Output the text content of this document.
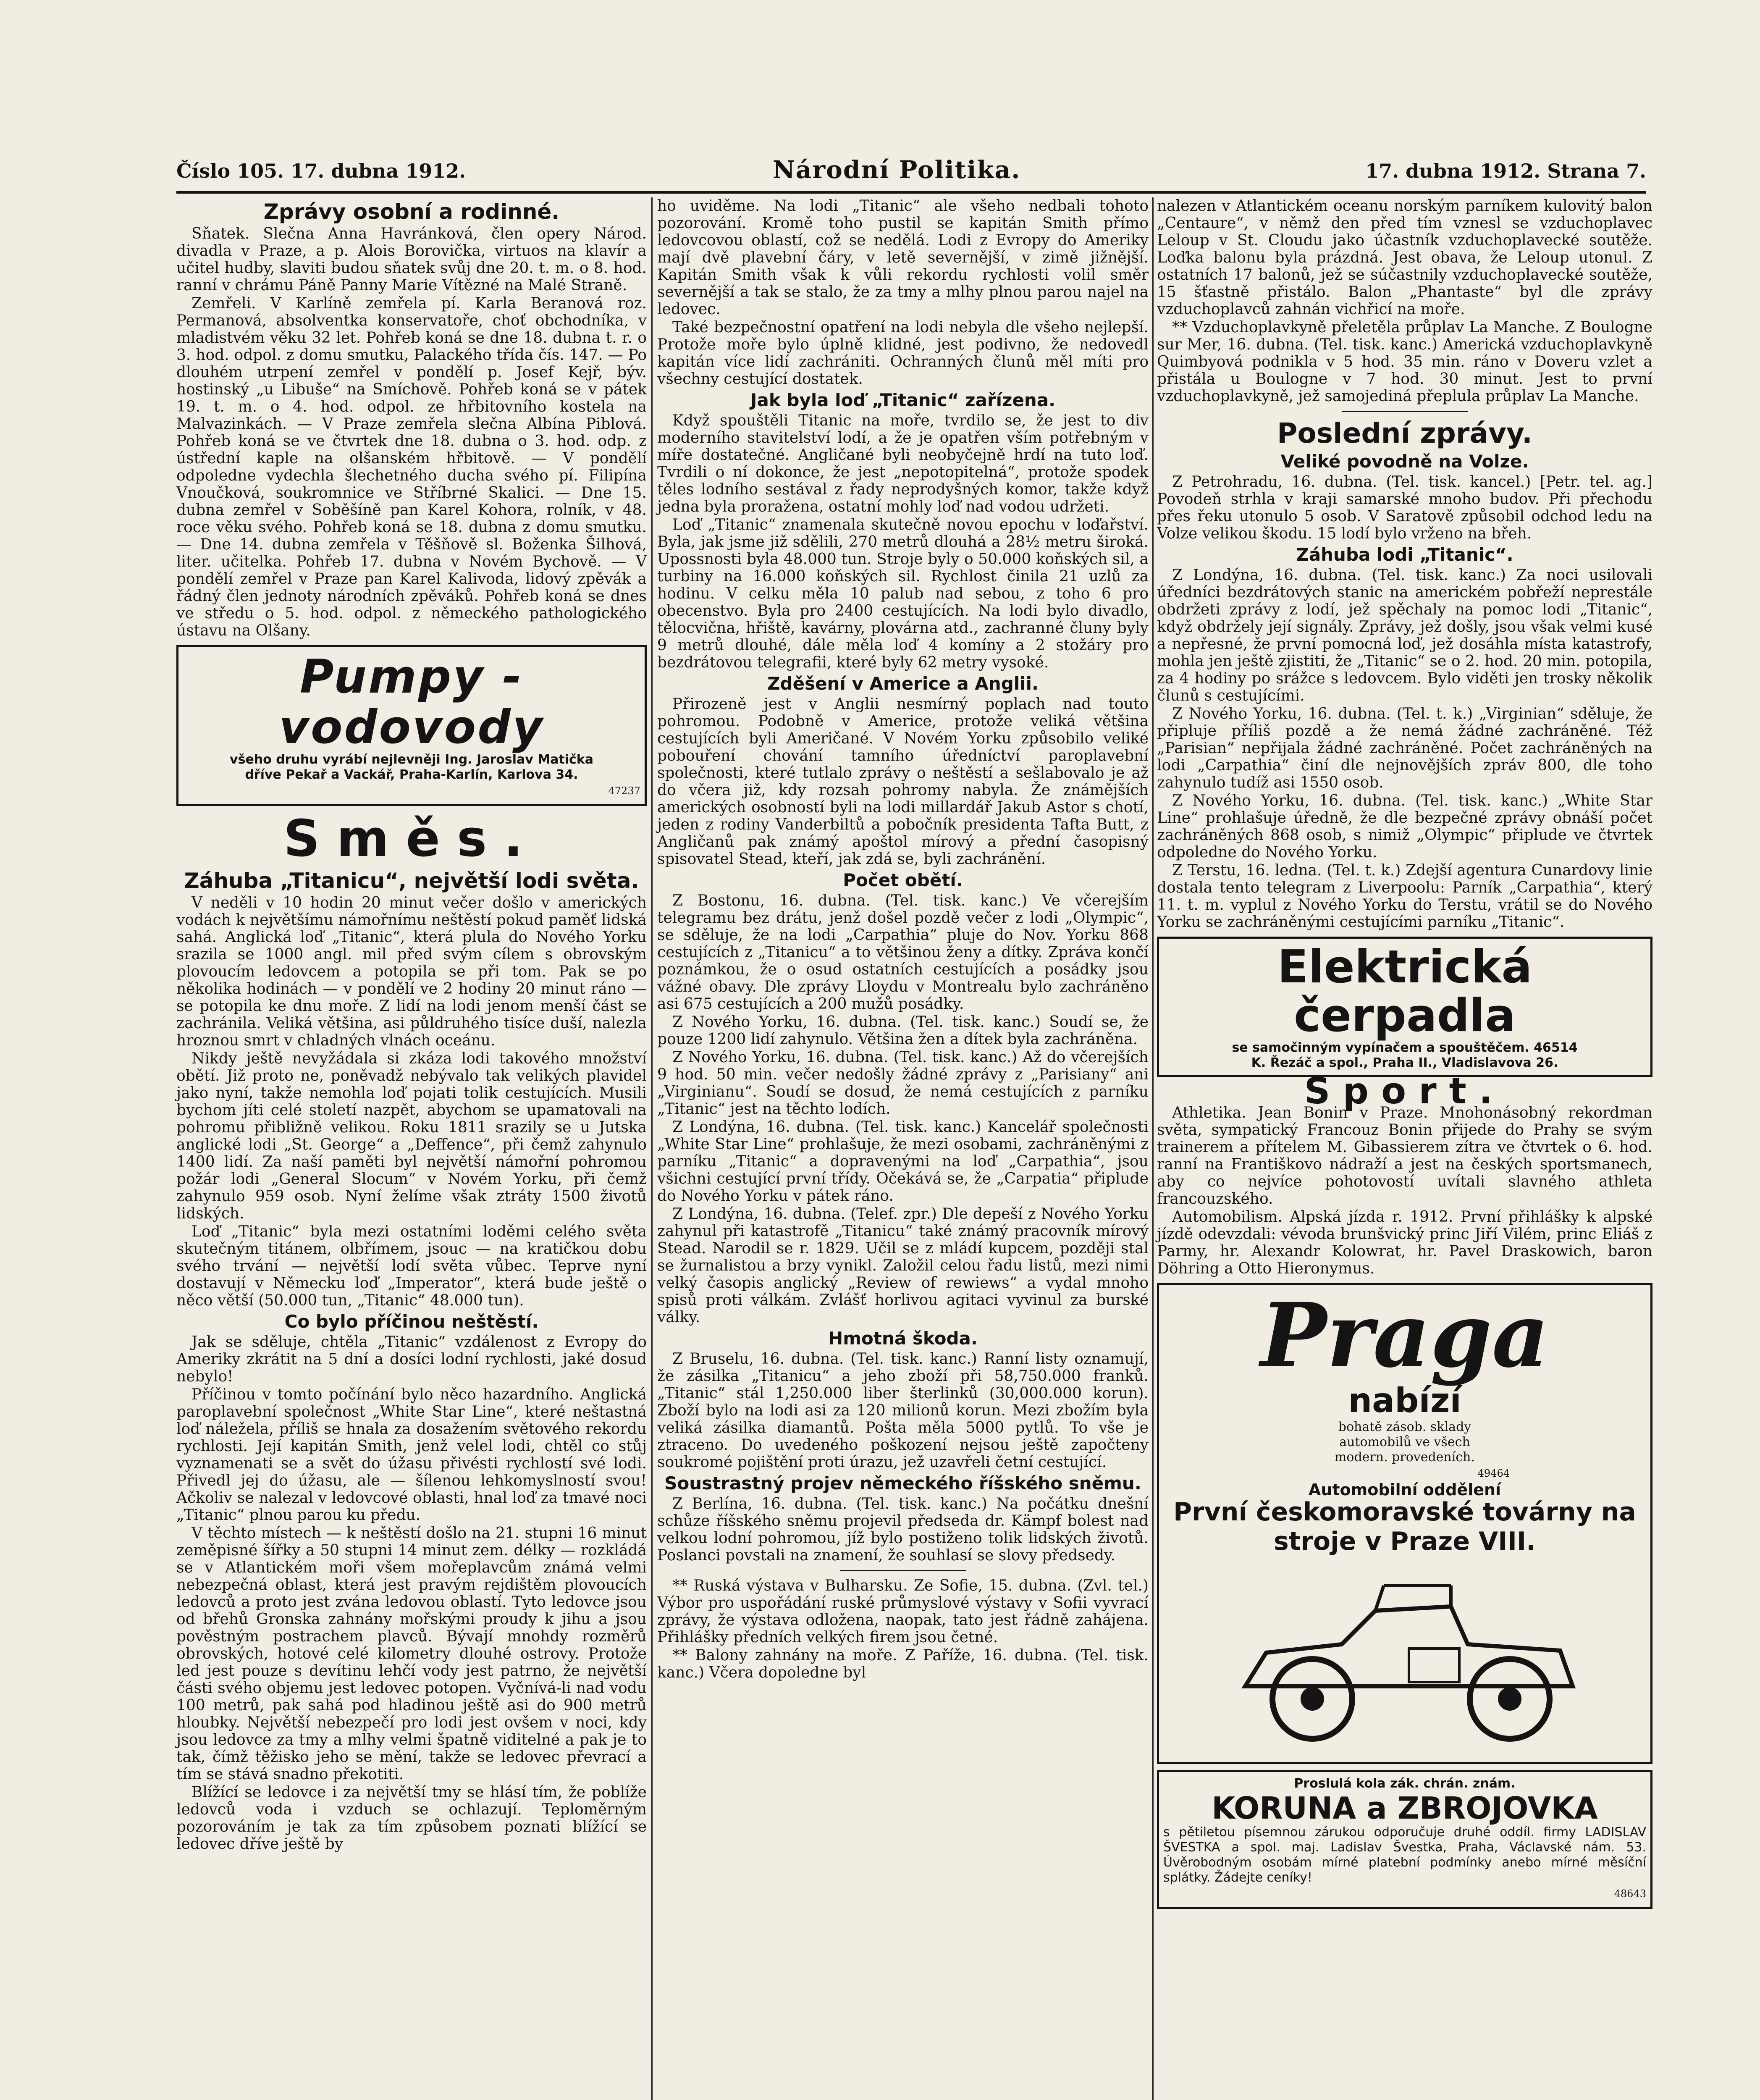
Číslo 105. 17. dubna 1912.	Národní Politika.	17. dubna 1912. Strana 7.
Zprávy osobní a rodinné.

Sňatek. Slečna Anna Havránková, člen opery Národ. divadla v Praze, a p. Alois Borovička, virtuos na klavír a učitel hudby, slaviti budou sňatek svůj dne 20. t. m. o 8. hod. ranní v chrámu Páně Panny Marie Vítězné na Malé Straně.

Zemřeli. V Karlíně zemřela pí. Karla Beranová roz. Permanová, absolventka konservatoře, choť obchodníka, v mladistvém věku 32 let. Pohřeb koná se dne 18. dubna t. r. o 3. hod. odpol. z domu smutku, Palackého třída čís. 147. — Po dlouhém utrpení zemřel v pondělí p. Josef Kejř, býv. hostinský „u Libuše“ na Smíchově. Pohřeb koná se v pátek 19. t. m. o 4. hod. odpol. ze hřbitovního kostela na Malvazinkách. — V Praze zemřela slečna Albína Piblová. Pohřeb koná se ve čtvrtek dne 18. dubna o 3. hod. odp. z ústřední kaple na olšanském hřbitově. — V pondělí odpoledne vydechla šlechetného ducha svého pí. Filipína Vnoučková, soukromnice ve Stříbrné Skalici. — Dne 15. dubna zemřel v Soběšíně pan Karel Kohora, rolník, v 48. roce věku svého. Pohřeb koná se 18. dubna z domu smutku. — Dne 14. dubna zemřela v Těšňově sl. Boženka Šilhová, liter. učitelka. Pohřeb 17. dubna v Novém Bychově. — V pondělí zemřel v Praze pan Karel Kalivoda, lidový zpěvák a řádný člen jednoty národních zpěváků. Pohřeb koná se dnes ve středu o 5. hod. odpol. z německého pathologického ústavu na Olšany.

Pumpy - vodovody
všeho druhu vyrábí nejlevněji Ing. Jaroslav Matička
dříve Pekař a Vackář, Praha-Karlín, Karlova 34.
47237
Směs.
Záhuba „Titanicu“, největší lodi světa.

V neděli v 10 hodin 20 minut večer došlo v amerických vodách k největšímu námořnímu neštěstí pokud paměť lidská sahá. Anglická loď „Titanic“, která plula do Nového Yorku srazila se 1000 angl. mil před svým cílem s obrovským plovoucím ledovcem a potopila se při tom. Pak se po několika hodinách — v pondělí ve 2 hodiny 20 minut ráno — se potopila ke dnu moře. Z lidí na lodi jenom menší část se zachránila. Veliká většina, asi půldruhého tisíce duší, nalezla hroznou smrt v chladných vlnách oceánu.

Nikdy ještě nevyžádala si zkáza lodi takového množství obětí. Již proto ne, poněvadž nebývalo tak velikých plavidel jako nyní, takže nemohla loď pojati tolik cestujících. Musili bychom jíti celé století nazpět, abychom se upamatovali na pohromu přibližně velikou. Roku 1811 srazily se u Jutska anglické lodi „St. George“ a „Deffence“, při čemž zahynulo 1400 lidí. Za naší paměti byl největší námořní pohromou požár lodi „General Slocum“ v Novém Yorku, při čemž zahynulo 959 osob. Nyní želíme však ztráty 1500 životů lidských.

Loď „Titanic“ byla mezi ostatními loděmi celého světa skutečným titánem, olbřímem, jsouc — na kratičkou dobu svého trvání — největší lodí světa vůbec. Teprve nyní dostavují v Německu loď „Imperator“, která bude ještě o něco větší (50.000 tun, „Titanic“ 48.000 tun).

Co bylo příčinou neštěstí.

Jak se sděluje, chtěla „Titanic“ vzdálenost z Evropy do Ameriky zkrátit na 5 dní a dosíci lodní rychlosti, jaké dosud nebylo!

Příčinou v tomto počínání bylo něco hazardního. Anglická paroplavební společnost „White Star Line“, které neštastná loď náležela, příliš se hnala za dosažením světového rekordu rychlosti. Její kapitán Smith, jenž velel lodi, chtěl co stůj vyznamenati se a svět do úžasu přivésti rychlostí své lodi. Přivedl jej do úžasu, ale — šílenou lehkomyslností svou! Ačkoliv se nalezal v ledovcové oblasti, hnal loď za tmavé noci „Titanic“ plnou parou ku předu.

V těchto místech — k neštěstí došlo na 21. stupni 16 minut zeměpisné šířky a 50 stupni 14 minut zem. délky — rozkládá se v Atlantickém moři všem mořeplavcům známá velmi nebezpečná oblast, která jest pravým rejdištěm plovoucích ledovců a proto jest zvána ledovou oblastí. Tyto ledovce jsou od břehů Gronska zahnány mořskými proudy k jihu a jsou pověstným postrachem plavců. Bývají mnohdy rozměrů obrovských, hotové celé kilometry dlouhé ostrovy. Protože led jest pouze s devítinu lehčí vody jest patrno, že největší části svého objemu jest ledovec potopen. Vyčnívá-li nad vodu 100 metrů, pak sahá pod hladinou ještě asi do 900 metrů hloubky. Největší nebezpečí pro lodi jest ovšem v noci, kdy jsou ledovce za tmy a mlhy velmi špatně viditelné a pak je to tak, čímž těžisko jeho se mění, takže se ledovec převrací a tím se stává snadno překotiti.

Blížící se ledovce i za největší tmy se hlásí tím, že poblíže ledovců voda i vzduch se ochlazují. Teploměrným pozorováním je tak za tím způsobem poznati blížící se ledovec dříve ještě by

ho uviděme. Na lodi „Titanic“ ale všeho nedbali tohoto pozorování. Kromě toho pustil se kapitán Smith přímo ledovcovou oblastí, což se nedělá. Lodi z Evropy do Ameriky mají dvě plavební čáry, v letě severnější, v zimě jižnější. Kapitán Smith však k vůli rekordu rychlosti volil směr severnější a tak se stalo, že za tmy a mlhy plnou parou najel na ledovec.

Také bezpečnostní opatření na lodi nebyla dle všeho nejlepší. Protože moře bylo úplně klidné, jest podivno, že nedovedl kapitán více lidí zachrániti. Ochranných člunů měl míti pro všechny cestující dostatek.

Jak byla loď „Titanic“ zařízena.

Když spouštěli Titanic na moře, tvrdilo se, že jest to div moderního stavitelství lodí, a že je opatřen vším potřebným v míře dostatečné. Angličané byli neobyčejně hrdí na tuto loď. Tvrdili o ní dokonce, že jest „nepotopitelná“, protože spodek těles lodního sestával z řady neprodyšných komor, takže když jedna byla proražena, ostatní mohly loď nad vodou udržeti.

Loď „Titanic“ znamenala skutečně novou epochu v loďařství. Byla, jak jsme již sdělili, 270 metrů dlouhá a 28½ metru široká. Upossnosti byla 48.000 tun. Stroje byly o 50.000 koňských sil, a turbiny na 16.000 koňských sil. Rychlost činila 21 uzlů za hodinu. V celku měla 10 palub nad sebou, z toho 6 pro obecenstvo. Byla pro 2400 cestujících. Na lodi bylo divadlo, tělocvična, hřiště, kavárny, plovárna atd., zachranné čluny byly 9 metrů dlouhé, dále měla loď 4 komíny a 2 stožáry pro bezdrátovou telegrafii, které byly 62 metry vysoké.

Zděšení v Americe a Anglii.

Přirozeně jest v Anglii nesmírný poplach nad touto pohromou. Podobně v Americe, protože veliká většina cestujících byli Američané. V Novém Yorku způsobilo veliké pobouření chování tamního úředníctví paroplavební společnosti, které tutlalo zprávy o neštěstí a sešlabovalo je až do včera již, kdy rozsah pohromy nabyla. Že známějších amerických osobností byli na lodi millardář Jakub Astor s chotí, jeden z rodiny Vanderbiltů a pobočník presidenta Tafta Butt, z Angličanů pak známý apoštol mírový a přední časopisný spisovatel Stead, kteří, jak zdá se, byli zachránění.

Počet obětí.

Z Bostonu, 16. dubna. (Tel. tisk. kanc.) Ve včerejším telegramu bez drátu, jenž došel pozdě večer z lodi „Olympic“, se sděluje, že na lodi „Carpathia“ pluje do Nov. Yorku 868 cestujících z „Titanicu“ a to většinou ženy a dítky. Zpráva končí poznámkou, že o osud ostatních cestujících a posádky jsou vážné obavy. Dle zprávy Lloydu v Montrealu bylo zachráněno asi 675 cestujících a 200 mužů posádky.

Z Nového Yorku, 16. dubna. (Tel. tisk. kanc.) Soudí se, že pouze 1200 lidí zahynulo. Většina žen a dítek byla zachráněna.

Z Nového Yorku, 16. dubna. (Tel. tisk. kanc.) Až do včerejších 9 hod. 50 min. večer nedošly žádné zprávy z „Parisiany“ ani „Virginianu“. Soudí se dosud, že nemá cestujících z parníku „Titanic“ jest na těchto lodích.

Z Londýna, 16. dubna. (Tel. tisk. kanc.) Kancelář společnosti „White Star Line“ prohlašuje, že mezi osobami, zachráněnými z parníku „Titanic“ a dopravenými na loď „Carpathia“, jsou všichni cestující první třídy. Očekává se, že „Carpatia“ připlude do Nového Yorku v pátek ráno.

Z Londýna, 16. dubna. (Telef. zpr.) Dle depeší z Nového Yorku zahynul při katastrofě „Titanicu“ také známý pracovník mírový Stead. Narodil se r. 1829. Učil se z mládí kupcem, později stal se žurnalistou a brzy vynikl. Založil celou řadu listů, mezi nimi velký časopis anglický „Review of rewiews“ a vydal mnoho spisů proti válkám. Zvlášť horlivou agitaci vyvinul za burské války.

Hmotná škoda.

Z Bruselu, 16. dubna. (Tel. tisk. kanc.) Ranní listy oznamují, že zásilka „Titanicu“ a jeho zboží při 58,750.000 franků. „Titanic“ stál 1,250.000 liber šterlinků (30,000.000 korun). Zboží bylo na lodi asi za 120 milionů korun. Mezi zbožím byla veliká zásilka diamantů. Pošta měla 5000 pytlů. To vše je ztraceno. Do uvedeného poškození nejsou ještě započteny soukromé pojištění proti úrazu, jež uzavřeli četní cestující.

Soustrastný projev německého říšského sněmu.

Z Berlína, 16. dubna. (Tel. tisk. kanc.) Na počátku dnešní schůze říšského sněmu projevil předseda dr. Kämpf bolest nad velkou lodní pohromou, jíž bylo postiženo tolik lidských životů. Poslanci povstali na znamení, že souhlasí se slovy předsedy.

** Ruská výstava v Bulharsku. Ze Sofie, 15. dubna. (Zvl. tel.) Výbor pro uspořádání ruské průmyslové výstavy v Sofii vyvrací zprávy, že výstava odložena, naopak, tato jest řádně zahájena. Přihlášky předních velkých firem jsou četné.

** Balony zahnány na moře. Z Paříže, 16. dubna. (Tel. tisk. kanc.) Včera dopoledne byl

nalezen v Atlantickém oceanu norským parníkem kulovitý balon „Centaure“, v němž den před tím vznesl se vzduchoplavec Leloup v St. Cloudu jako účastník vzduchoplavecké soutěže. Loďka balonu byla prázdná. Jest obava, že Leloup utonul. Z ostatních 17 balonů, jež se súčastnily vzduchoplavecké soutěže, 15 šťastně přistálo. Balon „Phantaste“ byl dle zprávy vzduchoplavců zahnán vichřicí na moře.

** Vzduchoplavkyně přeletěla průplav La Manche. Z Boulogne sur Mer, 16. dubna. (Tel. tisk. kanc.) Americká vzduchoplavkyně Quimbyová podnikla v 5 hod. 35 min. ráno v Doveru vzlet a přistála u Boulogne v 7 hod. 30 minut. Jest to první vzduchoplavkyně, jež samojediná přeplula průplav La Manche.

Poslední zprávy.
Veliké povodně na Volze.

Z Petrohradu, 16. dubna. (Tel. tisk. kancel.) [Petr. tel. ag.] Povodeň strhla v kraji samarské mnoho budov. Při přechodu přes řeku utonulo 5 osob. V Saratově způsobil odchod ledu na Volze velikou škodu. 15 lodí bylo vrženo na břeh.

Záhuba lodi „Titanic“.

Z Londýna, 16. dubna. (Tel. tisk. kanc.) Za noci usilovali úředníci bezdrátových stanic na americkém pobřeží neprestále obdržeti zprávy z lodí, jež spěchaly na pomoc lodi „Titanic“, když obdržely její signály. Zprávy, jež došly, jsou však velmi kusé a nepřesné, že první pomocná loď, jež dosáhla místa katastrofy, mohla jen ještě zjistiti, že „Titanic“ se o 2. hod. 20 min. potopila, za 4 hodiny po srážce s ledovcem. Bylo viděti jen trosky několik člunů s cestujícími.

Z Nového Yorku, 16. dubna. (Tel. t. k.) „Virginian“ sděluje, že připluje příliš pozdě a že nemá žádné zachráněné. Též „Parisian“ nepřijala žádné zachráněné. Počet zachráněných na lodi „Carpathia“ činí dle nejnovějších zpráv 800, dle toho zahynulo tudíž asi 1550 osob.

Z Nového Yorku, 16. dubna. (Tel. tisk. kanc.) „White Star Line“ prohlašuje úředně, že dle bezpečné zprávy obnáší počet zachráněných 868 osob, s nimiž „Olympic“ připlude ve čtvrtek odpoledne do Nového Yorku.

Z Terstu, 16. ledna. (Tel. t. k.) Zdejší agentura Cunardovy linie dostala tento telegram z Liverpoolu: Parník „Carpathia“, který 11. t. m. vyplul z Nového Yorku do Terstu, vrátil se do Nového Yorku se zachráněnými cestujícími parníku „Titanic“.

Elektrická čerpadla
se samočinným vypínačem a spouštěčem. 46514
K. Řezáč a spol., Praha II., Vladislavova 26.
Sport.

Athletika. Jean Bonin v Praze. Mnohonásobný rekordman světa, sympatický Francouz Bonin přijede do Prahy se svým trainerem a přítelem M. Gibassierem zítra ve čtvrtek o 6. hod. ranní na Františkovo nádraží a jest na českých sportsmanech, aby co nejvíce pohotovostí uvítali slavného athleta francouzského.

Automobilism. Alpská jízda r. 1912. První přihlášky k alpské jízdě odevzdali: vévoda brunšvický princ Jiří Vilém, princ Eliáš z Parmy, hr. Alexandr Kolowrat, hr. Pavel Draskowich, baron Döhring a Otto Hieronymus.

Praga
nabízí
bohatě zásob. sklady
automobilů ve všech
modern. provedeních.
49464
Automobilní oddělení
První českomoravské továrny na stroje v Praze VIII.
Proslulá kola zák. chrán. znám.
KORUNA a ZBROJOVKA
s pětiletou písemnou zárukou odporučuje druhé oddíl. firmy LADISLAV ŠVESTKA a spol. maj. Ladislav Švestka, Praha, Václavské nám. 53. Úvěrobodným osobám mírné platební podmínky anebo mírné měsíční splátky. Žádejte ceníky!
48643
